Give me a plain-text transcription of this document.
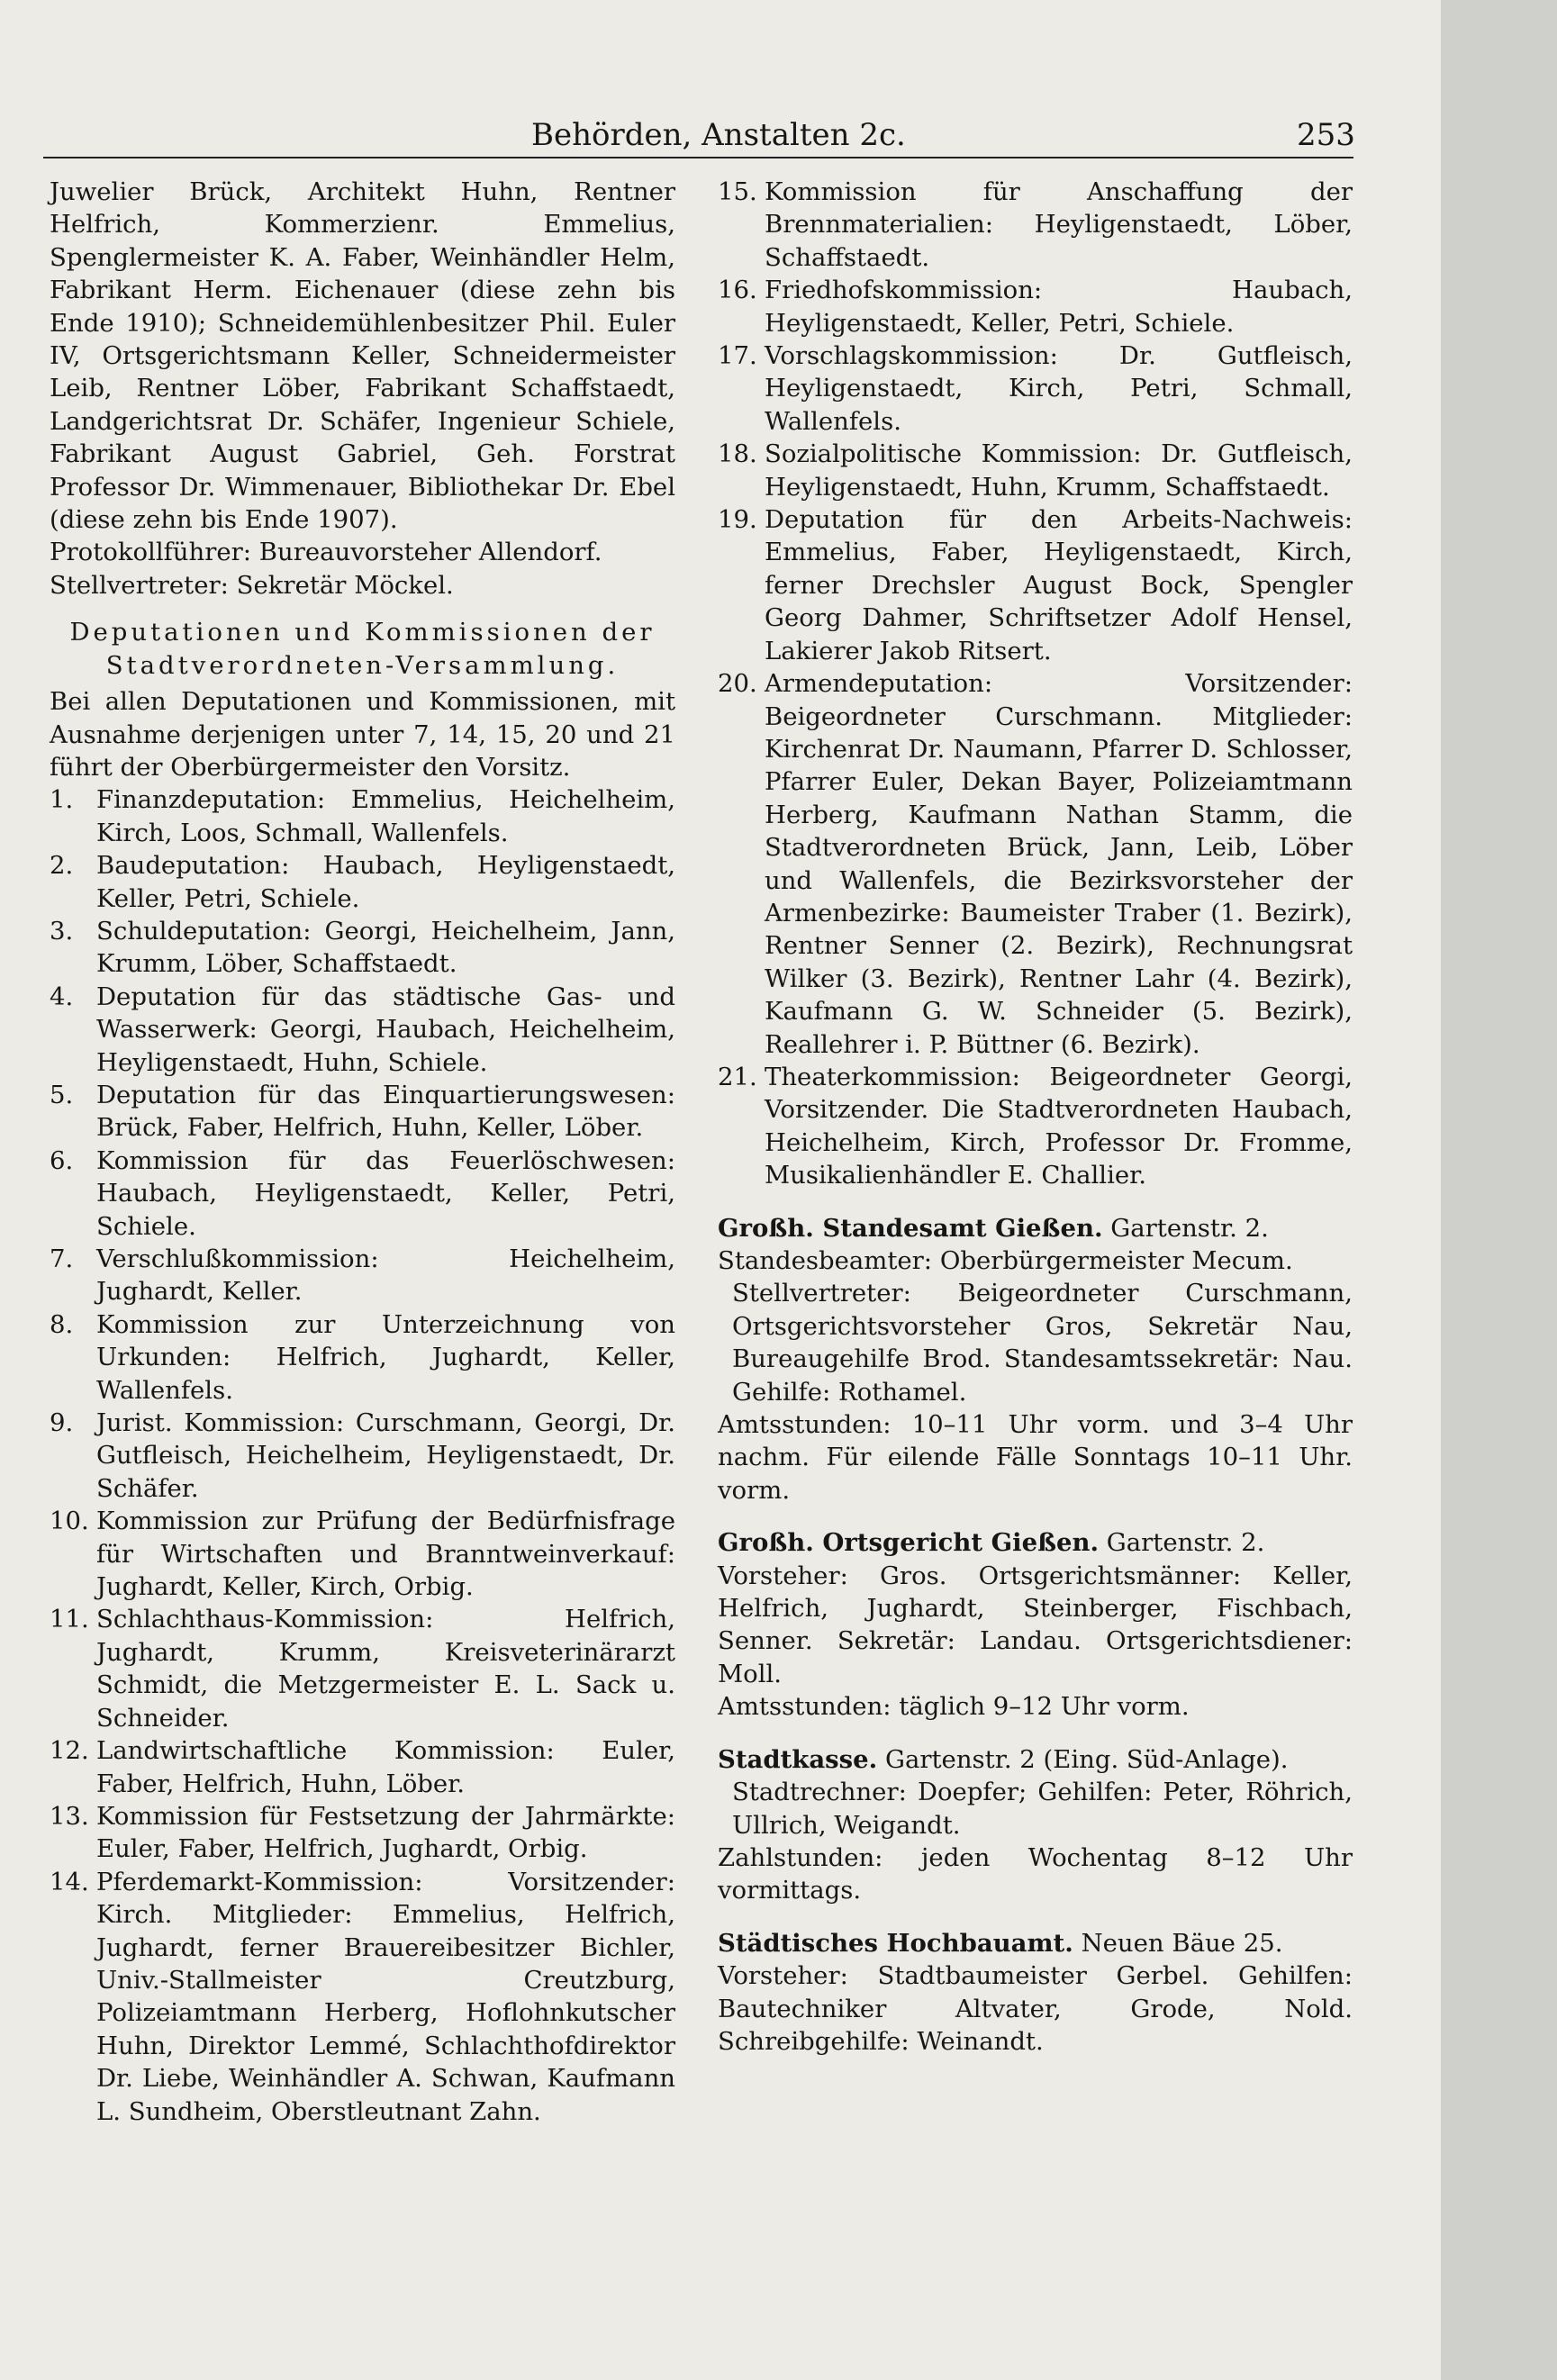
Behörden, Anstalten 2c.	253

Juwelier Brück, Architekt Huhn, Rentner Helfrich, Kommerzienr. Emmelius, Spenglermeister K. A. Faber, Weinhändler Helm, Fabrikant Herm. Eichenauer (diese zehn bis Ende 1910); Schneidemühlenbesitzer Phil. Euler IV, Ortsgerichtsmann Keller, Schneidermeister Leib, Rentner Löber, Fabrikant Schaffstaedt, Landgerichtsrat Dr. Schäfer, Ingenieur Schiele, Fabrikant August Gabriel, Geh. Forstrat Professor Dr. Wimmenauer, Bibliothekar Dr. Ebel (diese zehn bis Ende 1907).

Protokollführer: Bureauvorsteher Allendorf.

Stellvertreter: Sekretär Möckel.

Deputationen und Kommissionen der Stadtverordneten-Versammlung.

Bei allen Deputationen und Kommissionen, mit Ausnahme derjenigen unter 7, 14, 15, 20 und 21 führt der Oberbürgermeister den Vorsitz.

1. Finanzdeputation: Emmelius, Heichelheim, Kirch, Loos, Schmall, Wallenfels.
2. Baudeputation: Haubach, Heyligenstaedt, Keller, Petri, Schiele.
3. Schuldeputation: Georgi, Heichelheim, Jann, Krumm, Löber, Schaffstaedt.
4. Deputation für das städtische Gas- und Wasserwerk: Georgi, Haubach, Heichelheim, Heyligenstaedt, Huhn, Schiele.
5. Deputation für das Einquartierungswesen: Brück, Faber, Helfrich, Huhn, Keller, Löber.
6. Kommission für das Feuerlöschwesen: Haubach, Heyligenstaedt, Keller, Petri, Schiele.
7. Verschlußkommission: Heichelheim, Jughardt, Keller.
8. Kommission zur Unterzeichnung von Urkunden: Helfrich, Jughardt, Keller, Wallenfels.
9. Jurist. Kommission: Curschmann, Georgi, Dr. Gutfleisch, Heichelheim, Heyligenstaedt, Dr. Schäfer.
10. Kommission zur Prüfung der Bedürfnisfrage für Wirtschaften und Branntweinverkauf: Jughardt, Keller, Kirch, Orbig.
11. Schlachthaus-Kommission: Helfrich, Jughardt, Krumm, Kreisveterinärarzt Schmidt, die Metzgermeister E. L. Sack u. Schneider.
12. Landwirtschaftliche Kommission: Euler, Faber, Helfrich, Huhn, Löber.
13. Kommission für Festsetzung der Jahrmärkte: Euler, Faber, Helfrich, Jughardt, Orbig.
14. Pferdemarkt-Kommission: Vorsitzender: Kirch. Mitglieder: Emmelius, Helfrich, Jughardt, ferner Brauereibesitzer Bichler, Univ.-Stallmeister Creutzburg, Polizeiamtmann Herberg, Hoflohnkutscher Huhn, Direktor Lemmé, Schlachthofdirektor Dr. Liebe, Weinhändler A. Schwan, Kaufmann L. Sundheim, Oberstleutnant Zahn.
15. Kommission für Anschaffung der Brennmaterialien: Heyligenstaedt, Löber, Schaffstaedt.
16. Friedhofskommission: Haubach, Heyligenstaedt, Keller, Petri, Schiele.
17. Vorschlagskommission: Dr. Gutfleisch, Heyligenstaedt, Kirch, Petri, Schmall, Wallenfels.
18. Sozialpolitische Kommission: Dr. Gutfleisch, Heyligenstaedt, Huhn, Krumm, Schaffstaedt.
19. Deputation für den Arbeits-Nachweis: Emmelius, Faber, Heyligenstaedt, Kirch, ferner Drechsler August Bock, Spengler Georg Dahmer, Schriftsetzer Adolf Hensel, Lakierer Jakob Ritsert.
20. Armendeputation: Vorsitzender: Beigeordneter Curschmann. Mitglieder: Kirchenrat Dr. Naumann, Pfarrer D. Schlosser, Pfarrer Euler, Dekan Bayer, Polizeiamtmann Herberg, Kaufmann Nathan Stamm, die Stadtverordneten Brück, Jann, Leib, Löber und Wallenfels, die Bezirksvorsteher der Armenbezirke: Baumeister Traber (1. Bezirk), Rentner Senner (2. Bezirk), Rechnungsrat Wilker (3. Bezirk), Rentner Lahr (4. Bezirk), Kaufmann G. W. Schneider (5. Bezirk), Reallehrer i. P. Büttner (6. Bezirk).
21. Theaterkommission: Beigeordneter Georgi, Vorsitzender. Die Stadtverordneten Haubach, Heichelheim, Kirch, Professor Dr. Fromme, Musikalienhändler E. Challier.

Großh. Standesamt Gießen. Gartenstr. 2.

Standesbeamter: Oberbürgermeister Mecum.

Stellvertreter: Beigeordneter Curschmann, Ortsgerichtsvorsteher Gros, Sekretär Nau, Bureaugehilfe Brod. Standesamtssekretär: Nau. Gehilfe: Rothamel.

Amtsstunden: 10–11 Uhr vorm. und 3–4 Uhr nachm. Für eilende Fälle Sonntags 10–11 Uhr. vorm.

Großh. Ortsgericht Gießen. Gartenstr. 2.

Vorsteher: Gros. Ortsgerichtsmänner: Keller, Helfrich, Jughardt, Steinberger, Fischbach, Senner. Sekretär: Landau. Ortsgerichtsdiener: Moll.

Amtsstunden: täglich 9–12 Uhr vorm.

Stadtkasse. Gartenstr. 2 (Eing. Süd-Anlage).

Stadtrechner: Doepfer; Gehilfen: Peter, Röhrich, Ullrich, Weigandt.

Zahlstunden: jeden Wochentag 8–12 Uhr vormittags.

Städtisches Hochbauamt. Neuen Bäue 25.

Vorsteher: Stadtbaumeister Gerbel. Gehilfen: Bautechniker Altvater, Grode, Nold. Schreibgehilfe: Weinandt.
